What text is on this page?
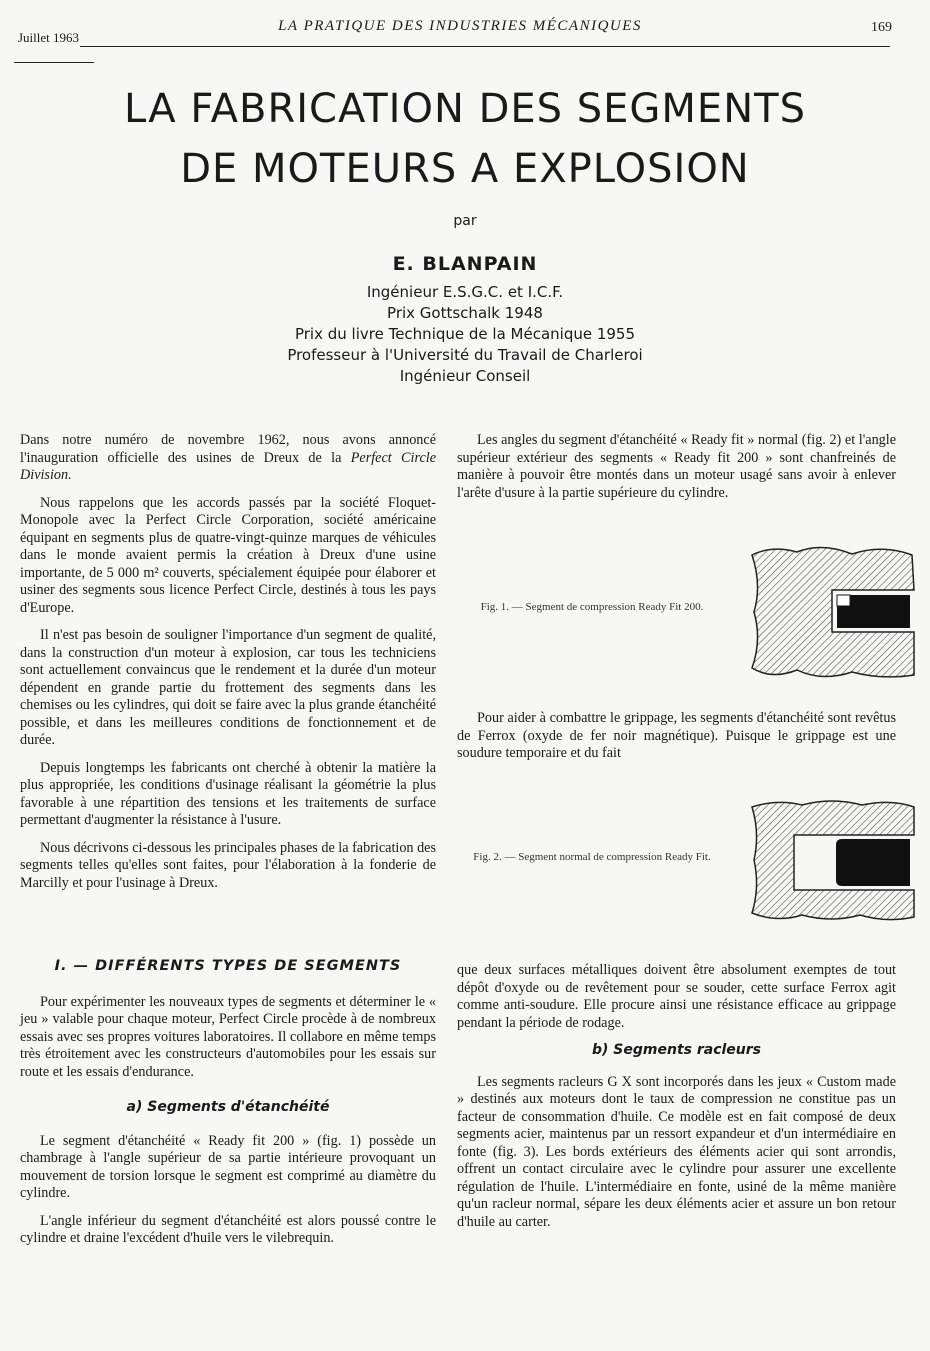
Juillet 1963
LA PRATIQUE DES INDUSTRIES MÉCANIQUES	169
LA FABRICATION DES SEGMENTS
DE MOTEURS A EXPLOSION
par
E. BLANPAIN
Ingénieur E.S.G.C. et I.C.F.
Prix Gottschalk 1948
Prix du livre Technique de la Mécanique 1955
Professeur à l'Université du Travail de Charleroi
Ingénieur Conseil

Dans notre numéro de novembre 1962, nous avons annoncé l'inauguration officielle des usines de Dreux de la Perfect Circle Division.

Nous rappelons que les accords passés par la société Floquet-Monopole avec la Perfect Circle Corporation, société américaine équipant en segments plus de quatre-vingt-quinze marques de véhicules dans le monde avaient permis la création à Dreux d'une usine importante, de 5 000 m² couverts, spécialement équipée pour élaborer et usiner des segments sous licence Perfect Circle, destinés à tous les pays d'Europe.

Il n'est pas besoin de souligner l'importance d'un segment de qualité, dans la construction d'un moteur à explosion, car tous les techniciens sont actuellement convaincus que le rendement et la durée d'un moteur dépendent en grande partie du frottement des segments dans les chemises ou les cylindres, qui doit se faire avec la plus grande étanchéité possible, et dans les meilleures conditions de fonctionnement et de durée.

Depuis longtemps les fabricants ont cherché à obtenir la matière la plus appropriée, les conditions d'usinage réalisant la géométrie la plus favorable à une répartition des tensions et les traitements de surface permettant d'augmenter la résistance à l'usure.

Nous décrivons ci-dessous les principales phases de la fabrication des segments telles qu'elles sont faites, pour l'élaboration à la fonderie de Marcilly et pour l'usinage à Dreux.

I. — DIFFÉRENTS TYPES DE SEGMENTS

Pour expérimenter les nouveaux types de segments et déterminer le « jeu » valable pour chaque moteur, Perfect Circle procède à de nombreux essais avec ses propres voitures laboratoires. Il collabore en même temps très étroitement avec les constructeurs d'automobiles pour les essais sur route et les essais d'endurance.

a) Segments d'étanchéité

Le segment d'étanchéité « Ready fit 200 » (fig. 1) possède un chambrage à l'angle supérieur de sa partie intérieure provoquant un mouvement de torsion lorsque le segment est comprimé au diamètre du cylindre.

L'angle inférieur du segment d'étanchéité est alors poussé contre le cylindre et draine l'excédent d'huile vers le vilebrequin.

Les angles du segment d'étanchéité « Ready fit » normal (fig. 2) et l'angle supérieur extérieur des segments « Ready fit 200 » sont chanfreinés de manière à pouvoir être montés dans un moteur usagé sans avoir à enlever l'arête d'usure à la partie supérieure du cylindre.

Fig. 1. — Segment de compression Ready Fit 200.

Pour aider à combattre le grippage, les segments d'étanchéité sont revêtus de Ferrox (oxyde de fer noir magnétique). Puisque le grippage est une soudure temporaire et du fait

Fig. 2. — Segment normal de compression Ready Fit.

que deux surfaces métalliques doivent être absolument exemptes de tout dépôt d'oxyde ou de revêtement pour se souder, cette surface Ferrox agit comme anti-soudure. Elle procure ainsi une résistance efficace au grippage pendant la période de rodage.

b) Segments racleurs

Les segments racleurs G X sont incorporés dans les jeux « Custom made » destinés aux moteurs dont le taux de compression ne constitue pas un facteur de consommation d'huile. Ce modèle est en fait composé de deux segments acier, maintenus par un ressort expandeur et d'un intermédiaire en fonte (fig. 3). Les bords extérieurs des éléments acier qui sont arrondis, offrent un contact circulaire avec le cylindre pour assurer une excellente régulation de l'huile. L'intermédiaire en fonte, usiné de la même manière qu'un racleur normal, sépare les deux éléments acier et assure un bon retour d'huile au carter.
